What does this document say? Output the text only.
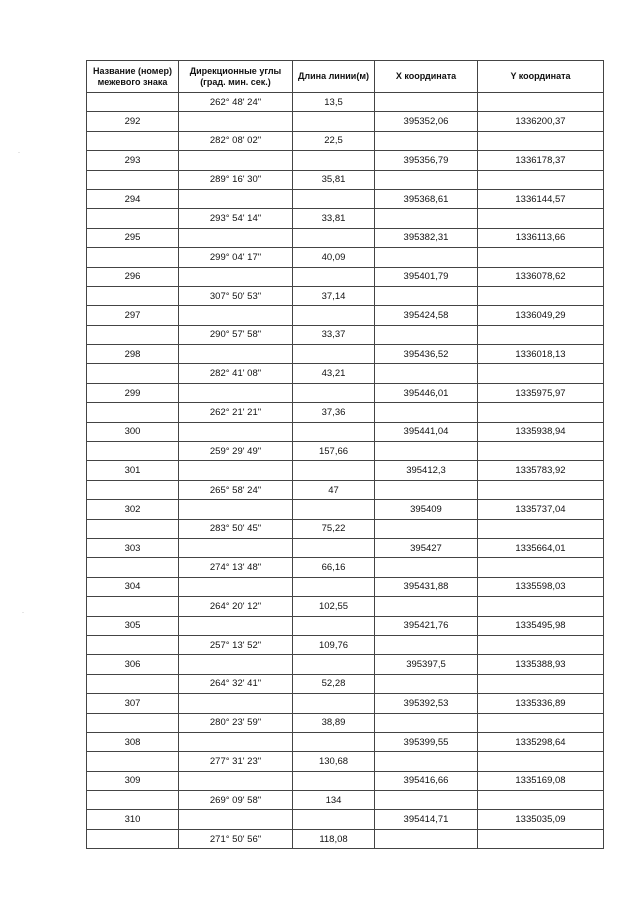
·
·
Название (номер) межевого знака	Дирекционные углы (град. мин. сек.)	Длина линии(м)	X координата	Y координата
	262° 48' 24"	13,5		
292			395352,06	1336200,37
	282° 08' 02"	22,5		
293			395356,79	1336178,37
	289° 16' 30"	35,81		
294			395368,61	1336144,57
	293° 54' 14"	33,81		
295			395382,31	1336113,66
	299° 04' 17"	40,09		
296			395401,79	1336078,62
	307° 50' 53"	37,14		
297			395424,58	1336049,29
	290° 57' 58"	33,37		
298			395436,52	1336018,13
	282° 41' 08"	43,21		
299			395446,01	1335975,97
	262° 21' 21"	37,36		
300			395441,04	1335938,94
	259° 29' 49"	157,66		
301			395412,3	1335783,92
	265° 58' 24"	47		
302			395409	1335737,04
	283° 50' 45"	75,22		
303			395427	1335664,01
	274° 13' 48"	66,16		
304			395431,88	1335598,03
	264° 20' 12"	102,55		
305			395421,76	1335495,98
	257° 13' 52"	109,76		
306			395397,5	1335388,93
	264° 32' 41"	52,28		
307			395392,53	1335336,89
	280° 23' 59"	38,89		
308			395399,55	1335298,64
	277° 31' 23"	130,68		
309			395416,66	1335169,08
	269° 09' 58"	134		
310			395414,71	1335035,09
	271° 50' 56"	118,08		
